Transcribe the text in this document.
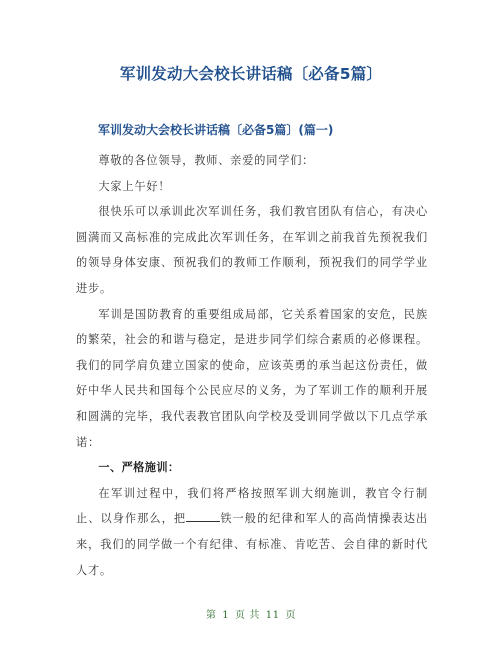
军训发动大会校长讲话稿〔必备5篇〕
军训发动大会校长讲话稿〔必备5篇〕(篇一)

尊敬的各位领导，教师、亲爱的同学们：

大家上午好！

很快乐可以承训此次军训任务，我们教官团队有信心，有决心圆满而又高标准的完成此次军训任务，在军训之前我首先预祝我们的领导身体安康、预祝我们的教师工作顺利，预祝我们的同学学业进步。

军训是国防教育的重要组成局部，它关系着国家的安危，民族的繁荣，社会的和谐与稳定，是进步同学们综合素质的必修课程。我们的同学肩负建立国家的使命，应该英勇的承当起这份责任，做好中华人民共和国每个公民应尽的义务，为了军训工作的顺利开展和圆满的完毕，我代表教官团队向学校及受训同学做以下几点学承诺：

一、严格施训：

在军训过程中，我们将严格按照军训大纲施训，教官令行制止、以身作那么，把	铁一般的纪律和军人的高尚情操表达出来，我们的同学做一个有纪律、有标准、肯吃苦、会自律的新时代人才。

第 1 页 共 11 页
